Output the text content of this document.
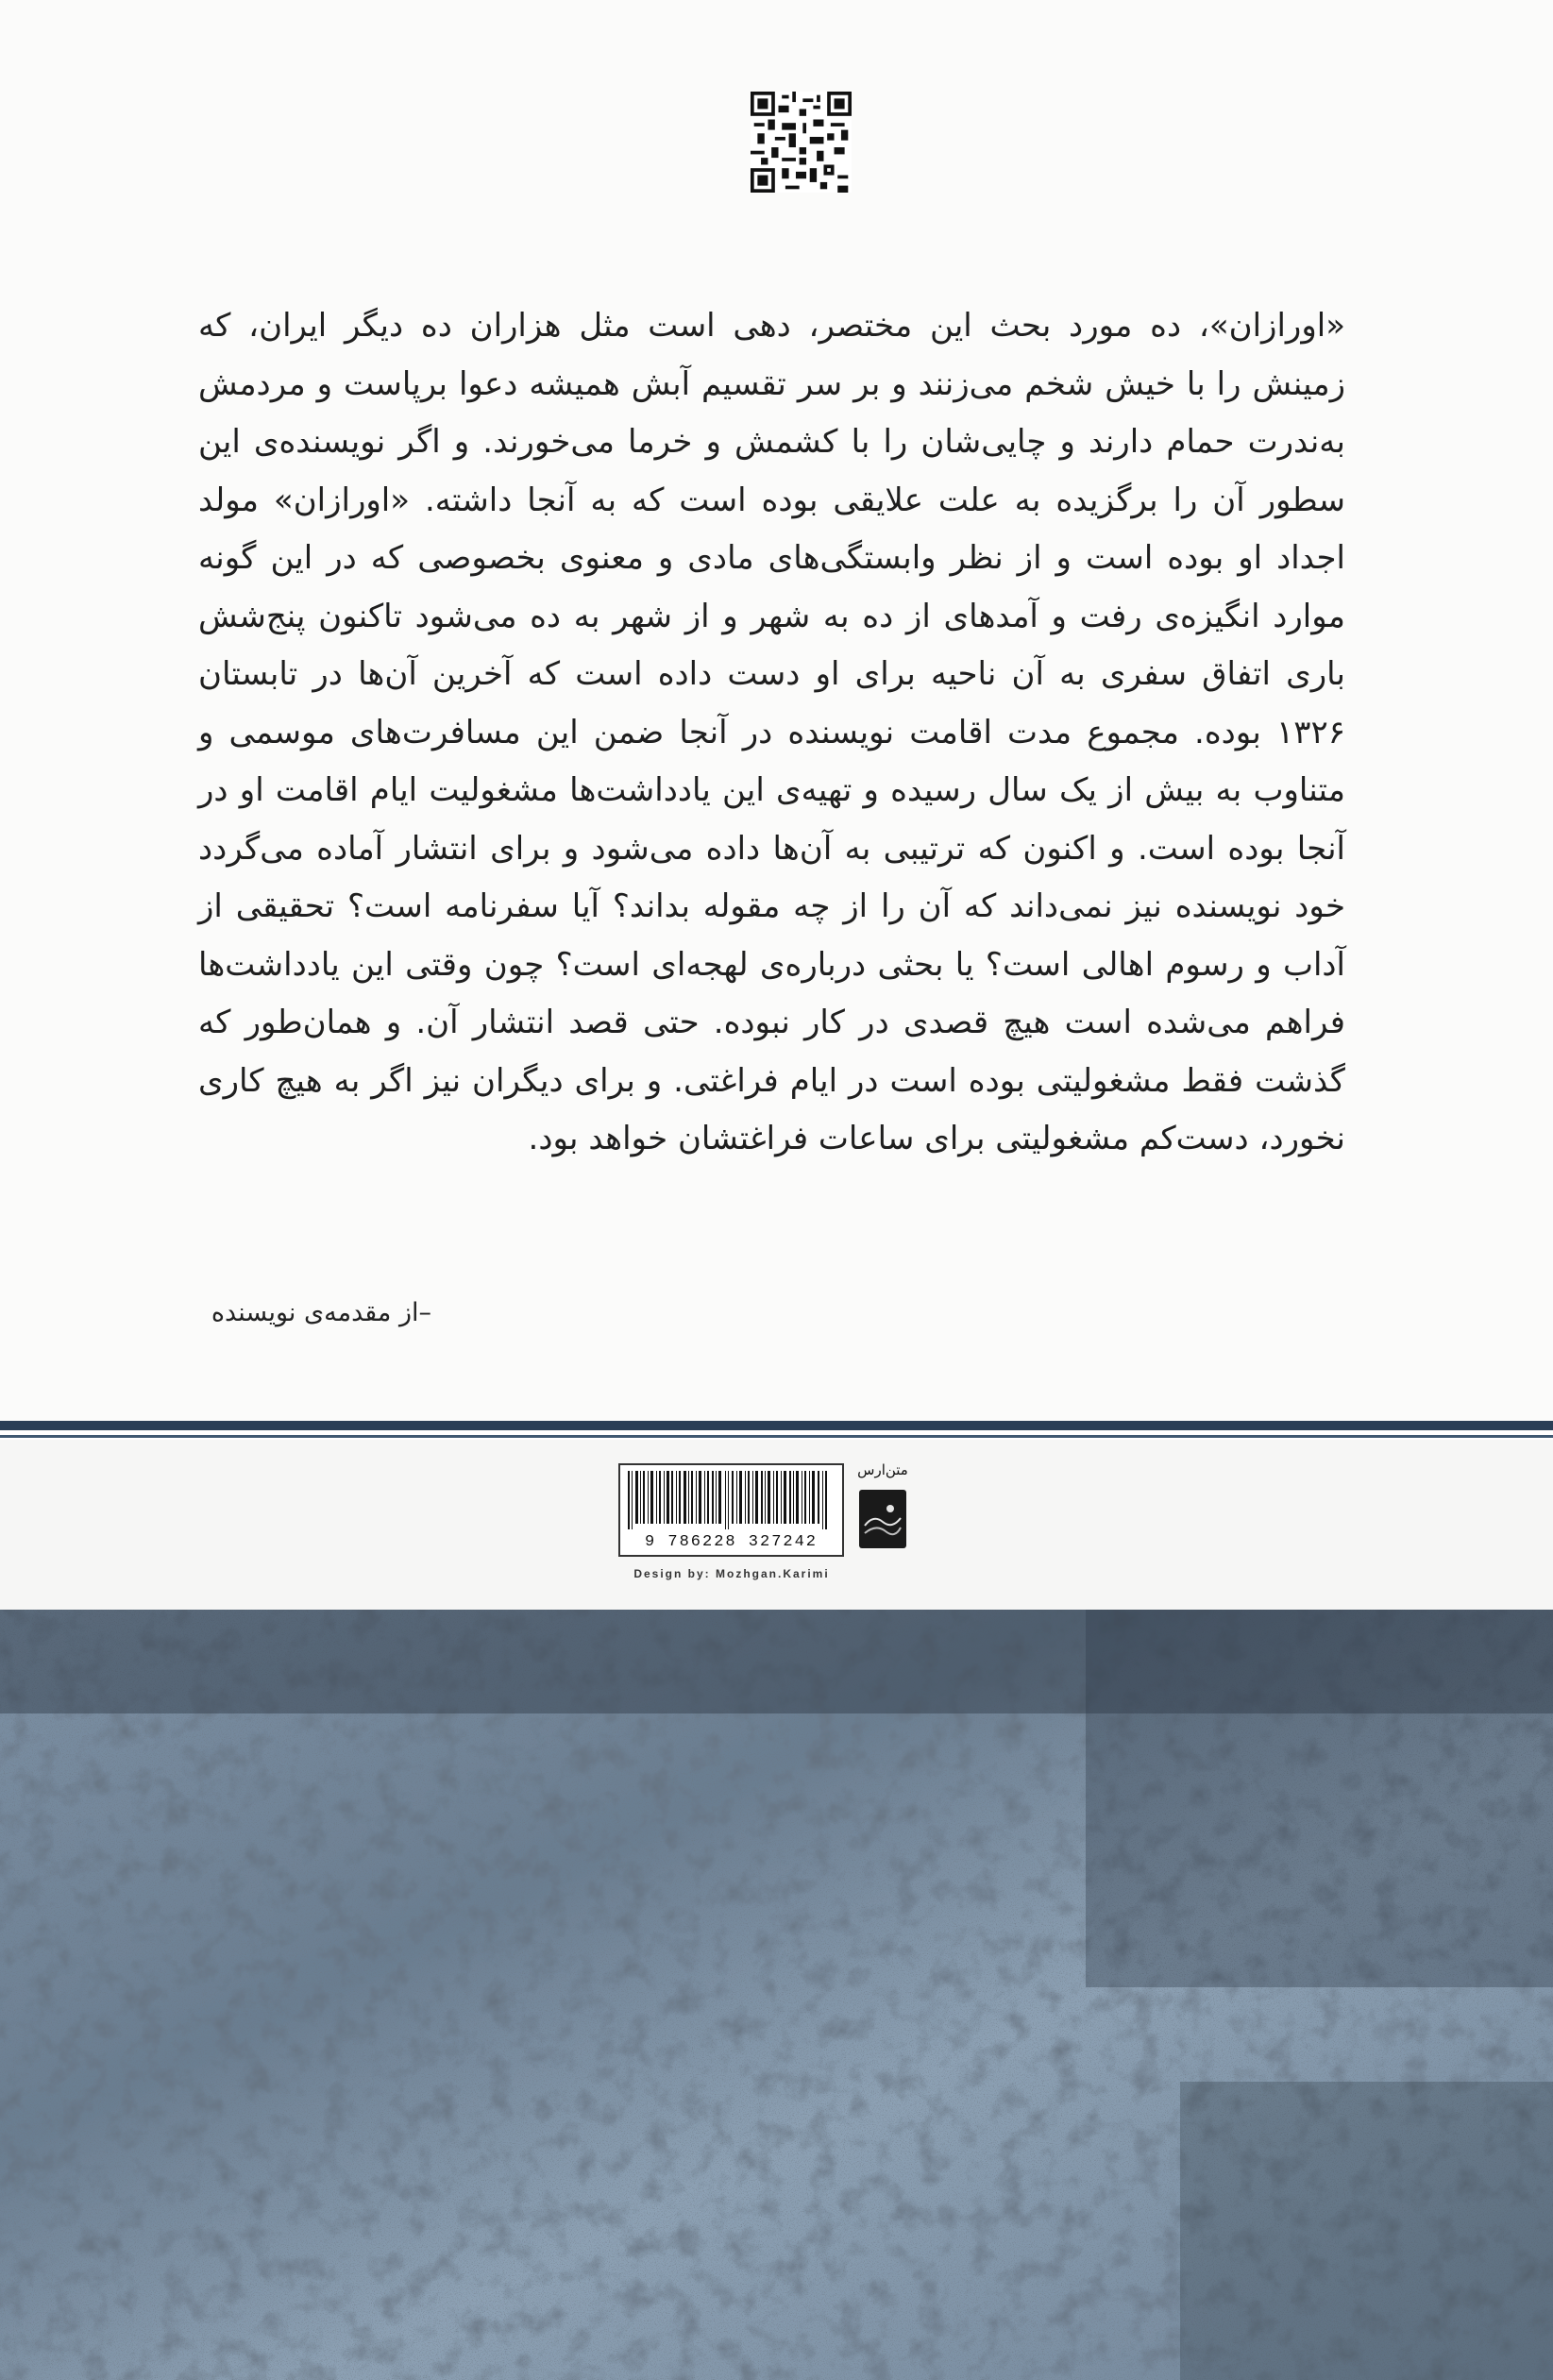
«اورازان»، ده مورد بحث این مختصر، دهی است مثل هزاران ده دیگر ایران، که زمینش را با خیش شخم می‌زنند و بر سر تقسیم آبش همیشه دعوا برپاست و مردمش به‌ندرت حمام دارند و چایی‌شان را با کشمش و خرما می‌خورند. و اگر نویسنده‌ی این سطور آن را برگزیده به علت علایقی بوده است که به آنجا داشته. «اورازان» مولد اجداد او بوده است و از نظر وابستگی‌های مادی و معنوی بخصوصی که در این گونه موارد انگیزه‌ی رفت و آمدهای از ده به شهر و از شهر به ده می‌شود تاکنون پنج‌شش باری اتفاق سفری به آن ناحیه برای او دست داده است که آخرین آن‌ها در تابستان ۱۳۲۶ بوده. مجموع مدت اقامت نویسنده در آنجا ضمن این مسافرت‌های موسمی و متناوب به بیش از یک سال رسیده و تهیه‌ی این یادداشت‌ها مشغولیت ایام اقامت او در آنجا بوده است. و اکنون که ترتیبی به آن‌ها داده می‌شود و برای انتشار آماده می‌گردد خود نویسنده نیز نمی‌داند که آن را از چه مقوله بداند؟ آیا سفرنامه است؟ تحقیقی از آداب و رسوم اهالی است؟ یا بحثی درباره‌ی لهجه‌ای است؟ چون وقتی این یادداشت‌ها فراهم می‌شده است هیچ قصدی در کار نبوده. حتی قصد انتشار آن. و همان‌طور که گذشت فقط مشغولیتی بوده است در ایام فراغتی. و برای دیگران نیز اگر به هیچ کاری نخورد، دست‌کم مشغولیتی برای ساعات فراغتشان خواهد بود.

–از مقدمه‌ی نویسنده
9 786228 327242
متن‌ارس
Design by: Mozhgan.Karimi
